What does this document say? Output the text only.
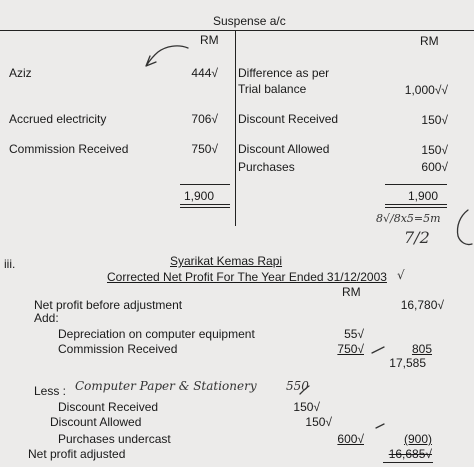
Suspense a/c
RM	RM
Aziz	444√
Accrued electricity	706√
Commission Received	750√
Difference as per
Trial balance	1,000√√
Discount Received	150√
Discount Allowed	150√
Purchases	600√
1,900	1,900
8√/8x5=5m
7/2
iii.	Syarikat Kemas Rapi
Corrected Net Profit For The Year Ended 31/12/2003 √
RM
Net profit before adjustment	16,780√
Add:
Depreciation on computer equipment	55√
Commission Received	750√	805
17,585
Less : Computer Paper & Stationery 550
Discount Received	150√
Discount Allowed	150√
Purchases undercast	600√	(900)
Net profit adjusted	16,685√
